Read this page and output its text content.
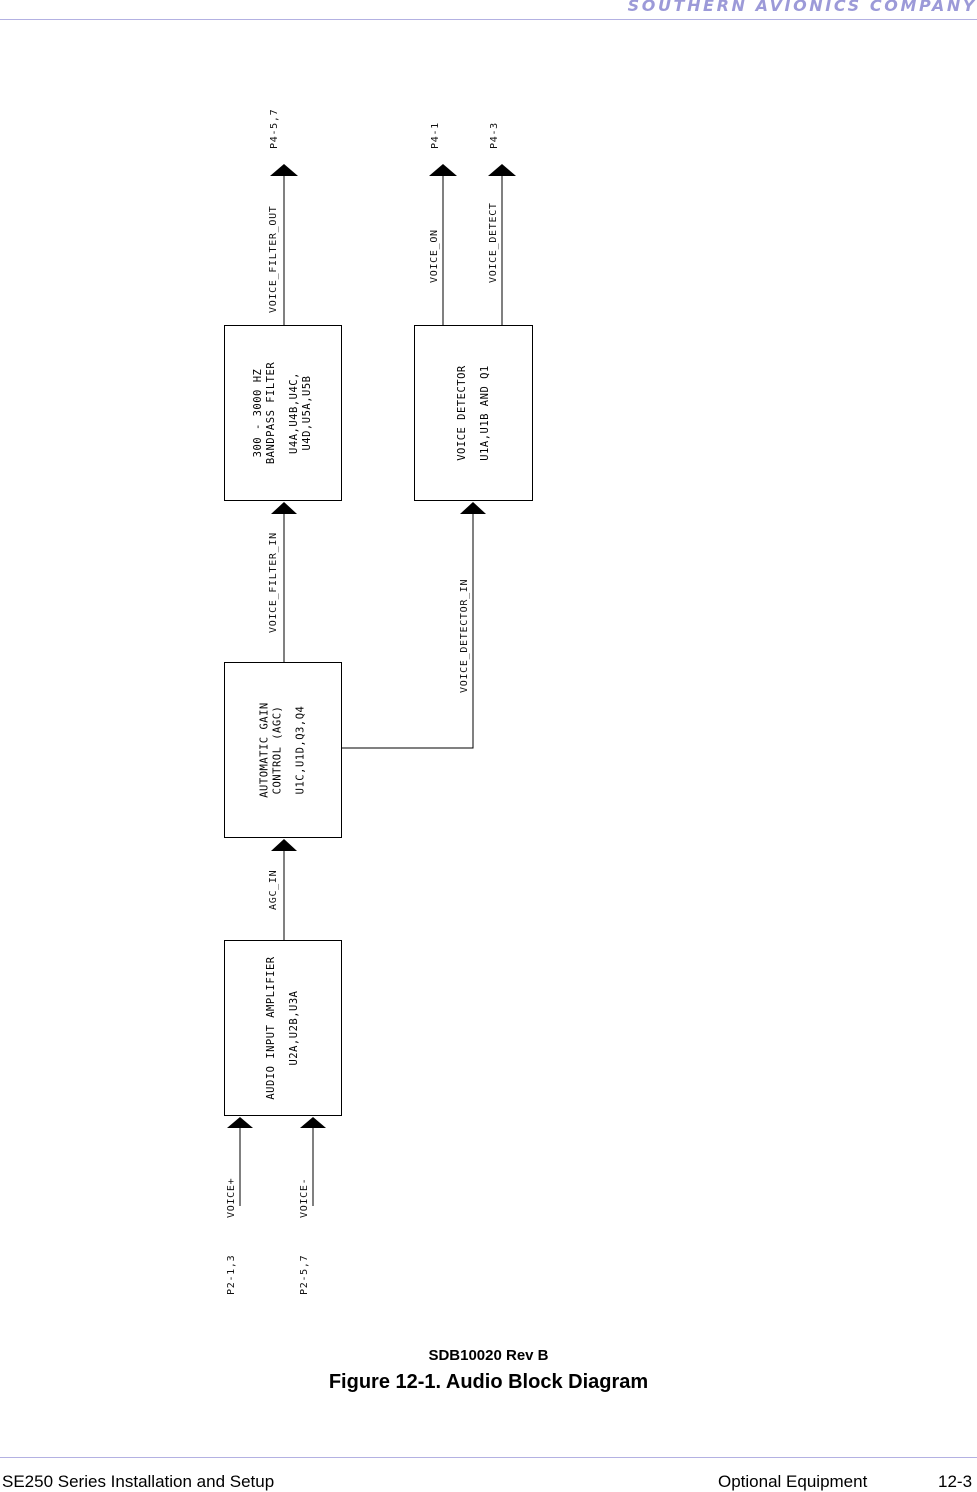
SOUTHERN AVIONICS COMPANY

AUDIO INPUT AMPLIFIER U2A,U2B,U3A
AUTOMATIC GAIN CONTROL (AGC) U1C,U1D,Q3,Q4
300 - 3000 HZ BANDPASS FILTER U4A,U4B,U4C, U4D,U5A,U5B	VOICE DETECTOR U1A,U1B AND Q1
VOICE+	VOICE-
AGC_IN
VOICE_FILTER_IN	VOICE_DETECTOR_IN
VOICE_FILTER_OUT	VOICE_ON	VOICE_DETECT
P2-1,3	P2-5,7
P4-5,7	P4-1	P4-3

SDB10020 Rev B

Figure 12-1. Audio Block Diagram

SE250 Series Installation and Setup	Optional Equipment	12-3
